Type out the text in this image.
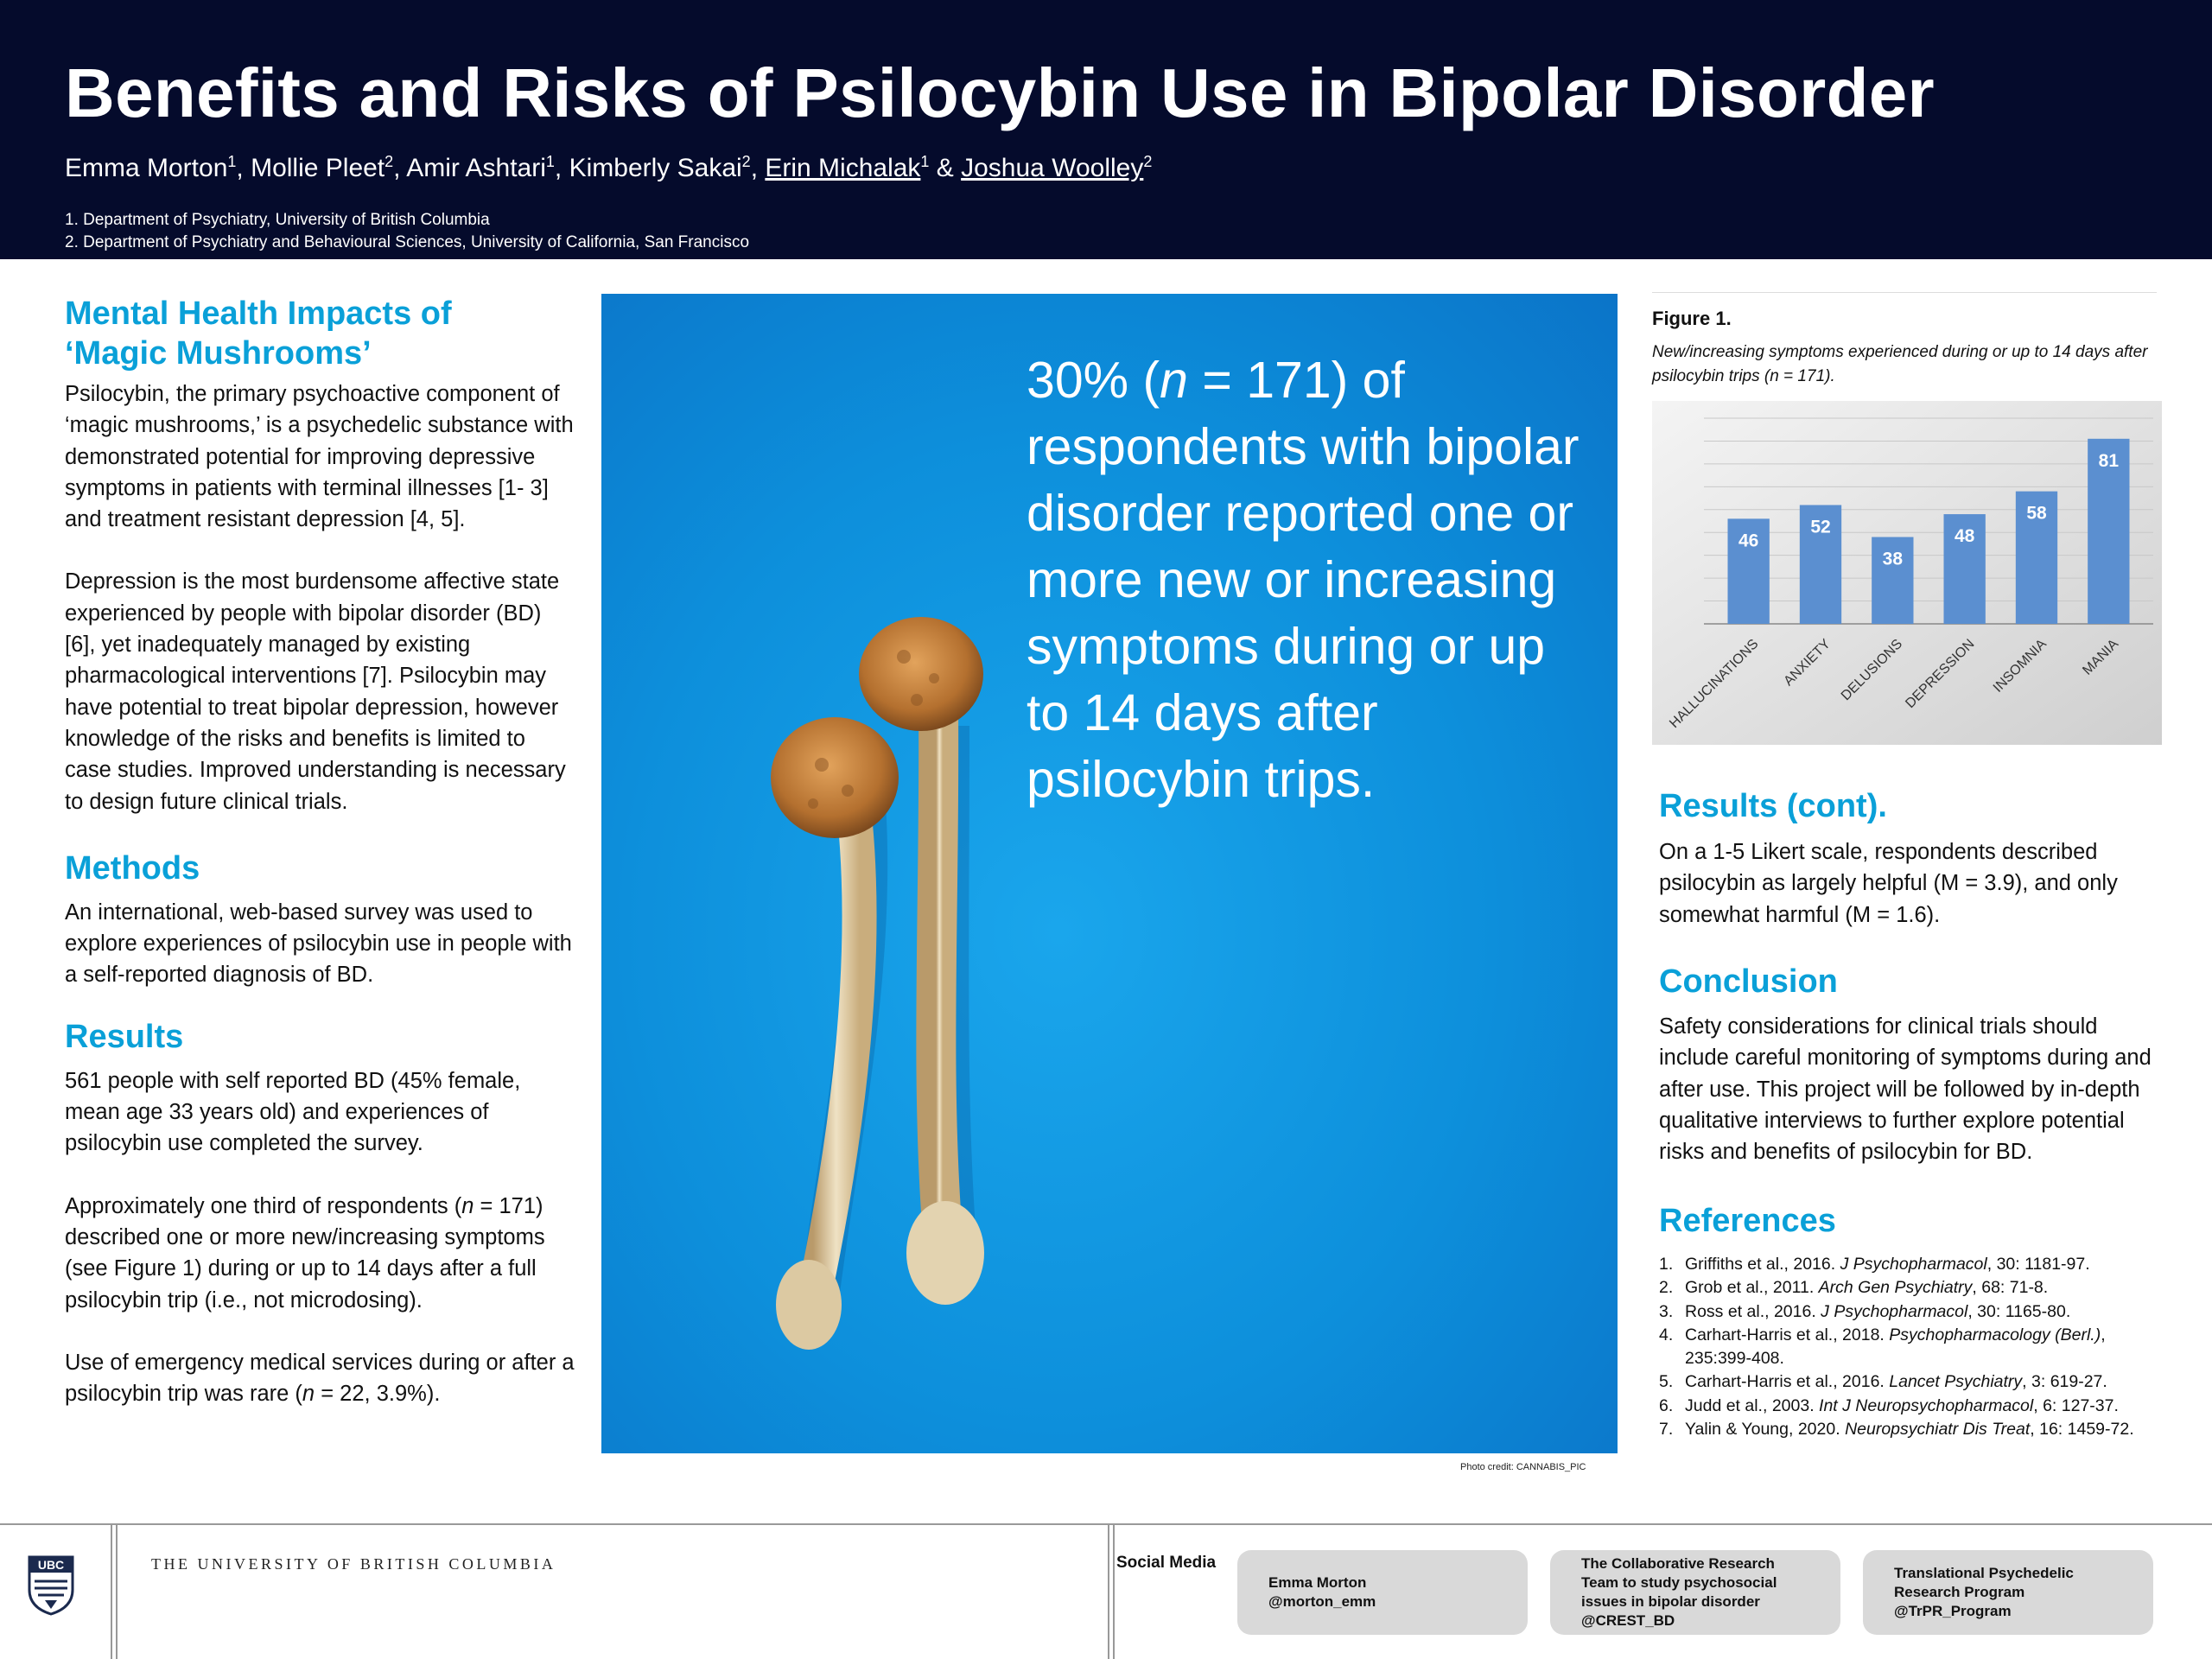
Benefits and Risks of Psilocybin Use in Bipolar Disorder
Emma Morton$^1$, Mollie Pleet$^2$, Amir Ashtari$^1$, Kimberly Sakai$^2$, Erin Michalak$^1$ & Joshua Woolley$^2$
1. Department of Psychiatry, University of British Columbia
2. Department of Psychiatry and Behavioural Sciences, University of California, San Francisco
Mental Health Impacts of
‘Magic Mushrooms’

Psilocybin, the primary psychoactive component of ‘magic mushrooms,’ is a psychedelic substance with demonstrated potential for improving depressive symptoms in patients with terminal illnesses [1- 3] and treatment resistant depression [4, 5].

Depression is the most burdensome affective state experienced by people with bipolar disorder (BD) [6], yet inadequately managed by existing pharmacological interventions [7]. Psilocybin may have potential to treat bipolar depression, however knowledge of the risks and benefits is limited to case studies. Improved understanding is necessary to design future clinical trials.

Methods

An international, web-based survey was used to explore experiences of psilocybin use in people with a self-reported diagnosis of BD.

Results

561 people with self reported BD (45% female, mean age 33 years old) and experiences of psilocybin use completed the survey.

Approximately one third of respondents (n = 171) described one or more new/increasing symptoms (see Figure 1) during or up to 14 days after a full psilocybin trip (i.e., not microdosing).

Use of emergency medical services during or after a psilocybin trip was rare (n = 22, 3.9%).

30% (n = 171) of respondents with bipolar disorder reported one or more new or increasing symptoms during or up to 14 days after psilocybin trips.
Photo credit: CANNABIS_PIC
Figure 1.
New/increasing symptoms experienced during or up to 14 days after psilocybin trips (n = 171).
46
HALLUCINATIONS
52
ANXIETY
38
DELUSIONS
48
DEPRESSION
58
INSOMNIA
81
MANIA
Results (cont).

On a 1-5 Likert scale, respondents described psilocybin as largely helpful (M = 3.9), and only somewhat harmful (M = 1.6).

Conclusion

Safety considerations for clinical trials should include careful monitoring of symptoms during and after use. This project will be followed by in-depth qualitative interviews to further explore potential risks and benefits of psilocybin for BD.

References
1. Griffiths et al., 2016. J Psychopharmacol, 30: 1181-97.
2. Grob et al., 2011. Arch Gen Psychiatry, 68: 71-8.
3. Ross et al., 2016. J Psychopharmacol, 30: 1165-80.
4. Carhart-Harris et al., 2018. Psychopharmacology (Berl.), 235:399-408.
5. Carhart-Harris et al., 2016. Lancet Psychiatry, 3: 619-27.
6. Judd et al., 2003. Int J Neuropsychopharmacol, 6: 127-37.
7. Yalin & Young, 2020. Neuropsychiatr Dis Treat, 16: 1459-72.
UBC	THE UNIVERSITY OF BRITISH COLUMBIA	Social Media
Emma Morton
@morton_emm
The Collaborative Research
Team to study psychosocial
issues in bipolar disorder
@CREST_BD
Translational Psychedelic
Research Program
@TrPR_Program
